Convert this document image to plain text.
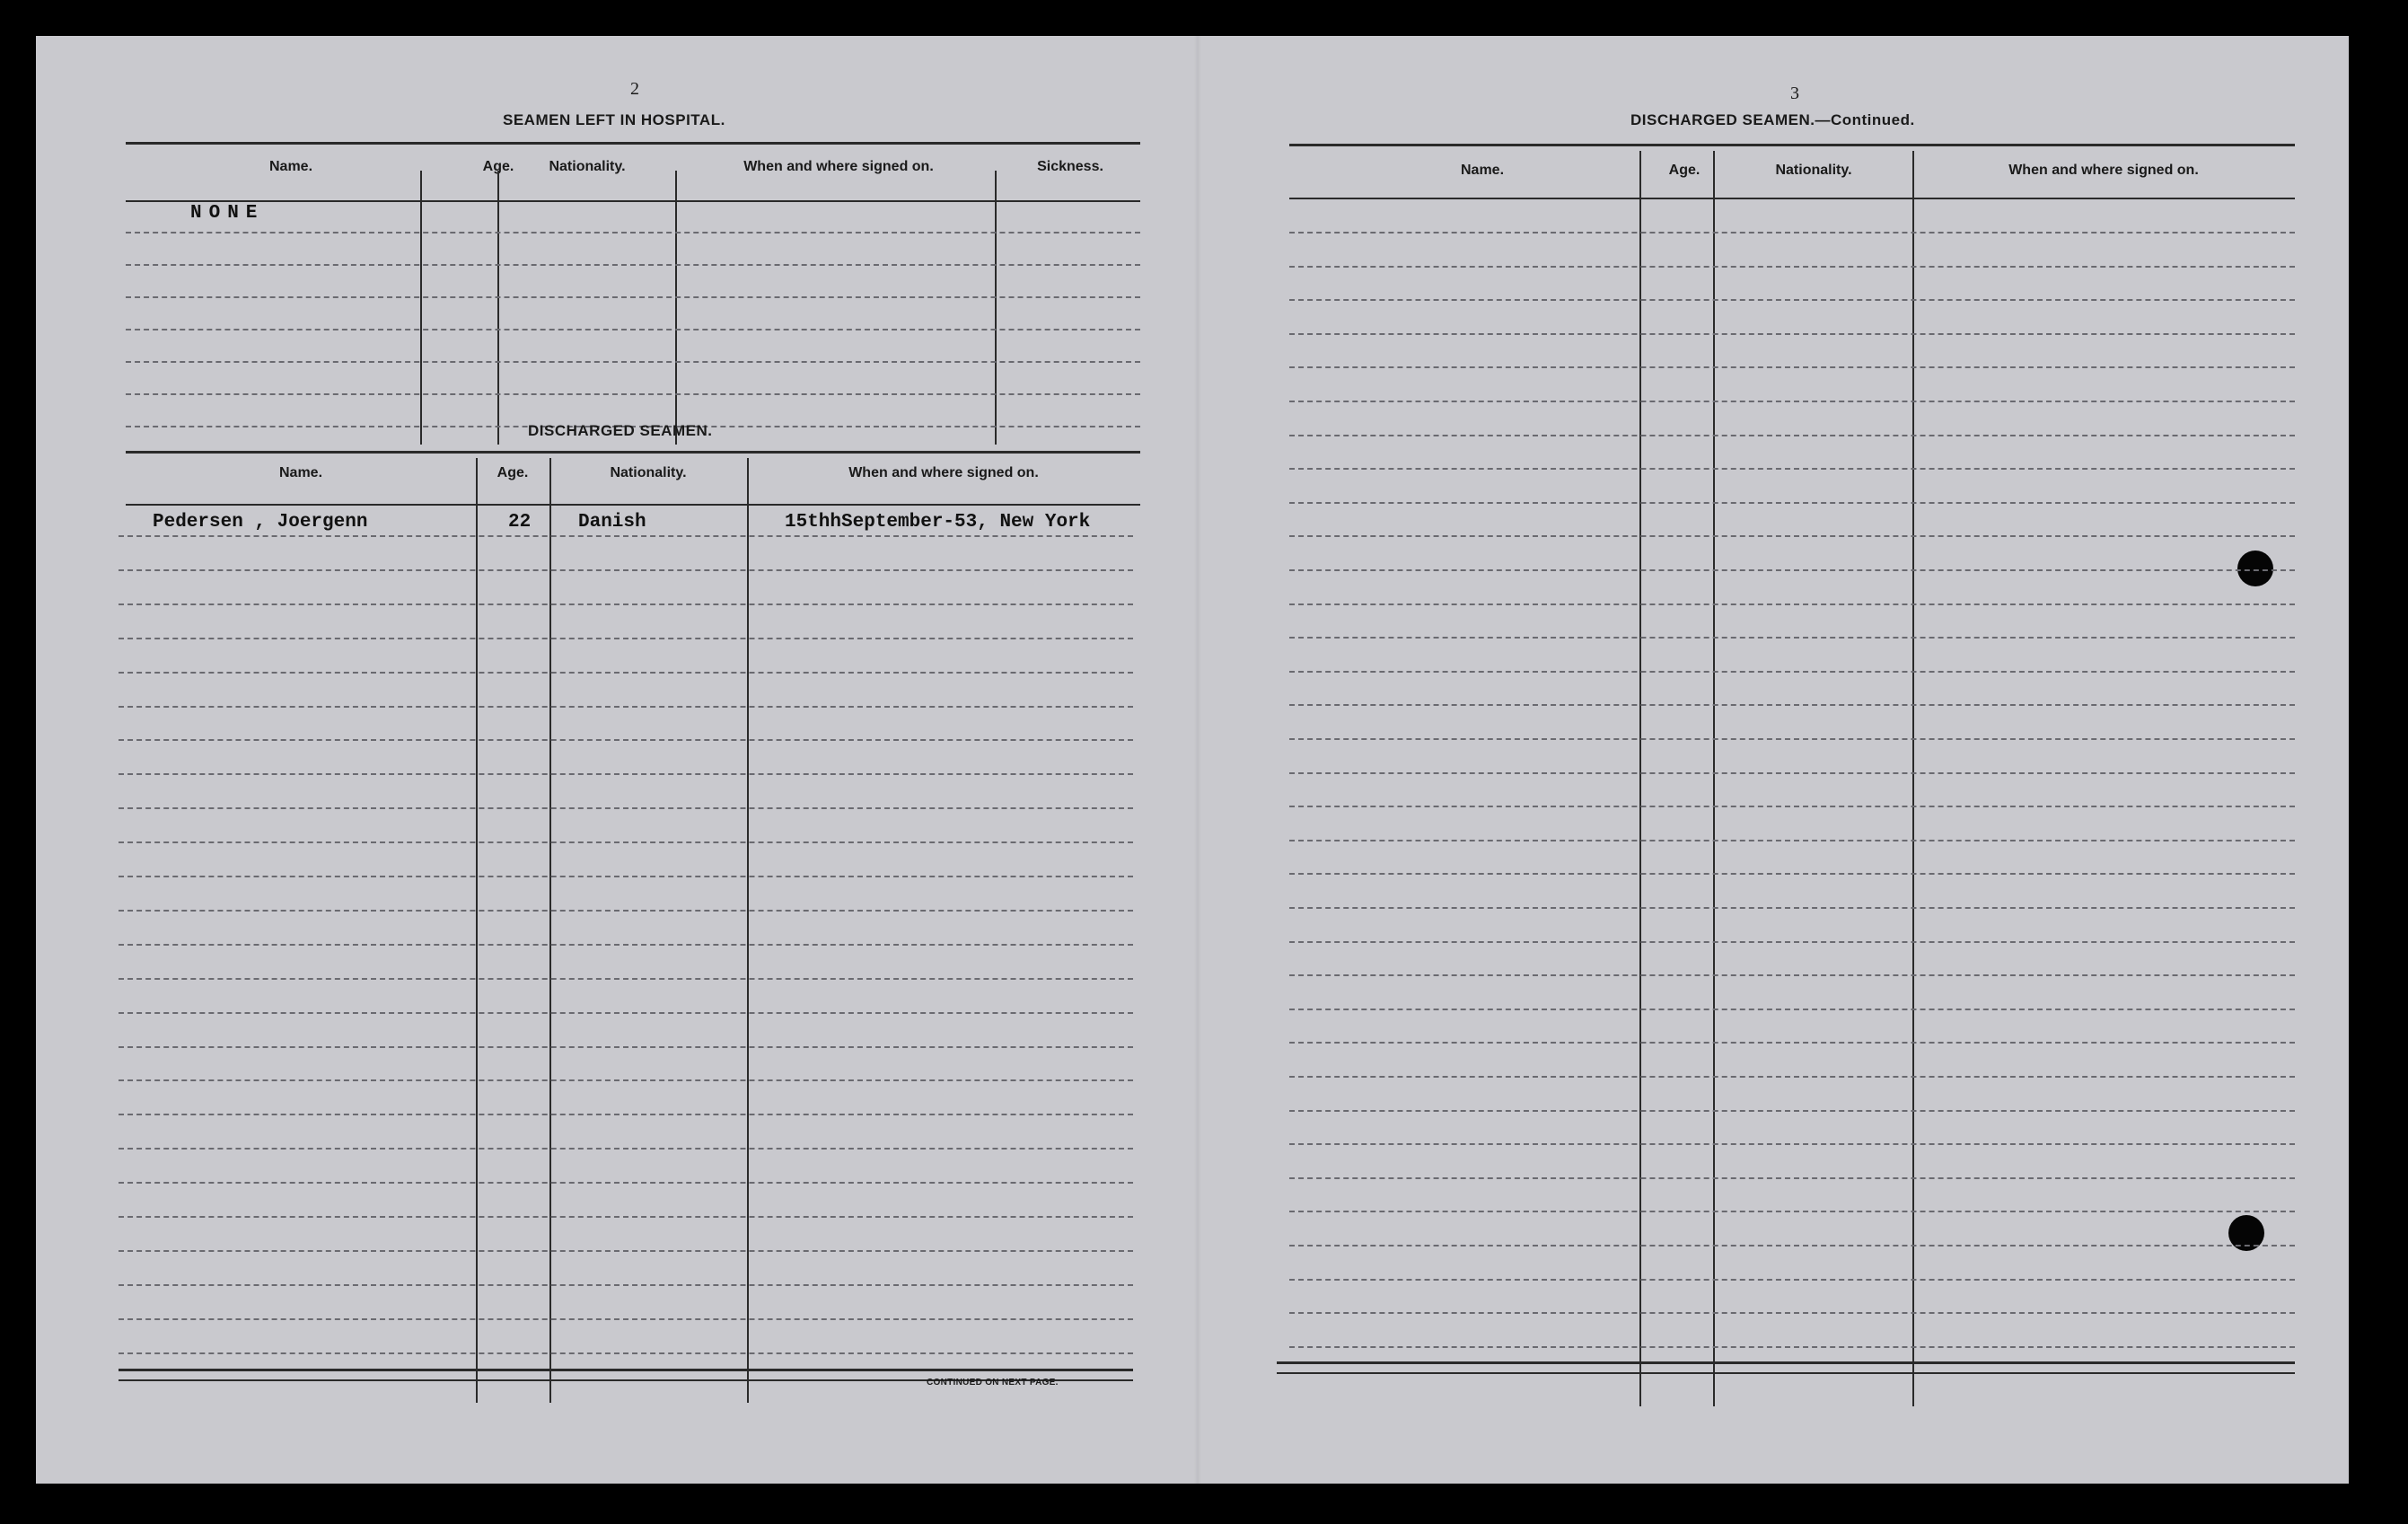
2
SEAMEN LEFT IN HOSPITAL.
Name.	Age.	Nationality.	When and where signed on.	Sickness.
NONE
DISCHARGED SEAMEN.
Name.	Age.	Nationality.	When and where signed on.
Pedersen , Joergenn	22	Danish	15thhSeptember-53, New York
CONTINUED ON NEXT PAGE.
3
DISCHARGED SEAMEN.—Continued.
Name.	Age.	Nationality.	When and where signed on.
